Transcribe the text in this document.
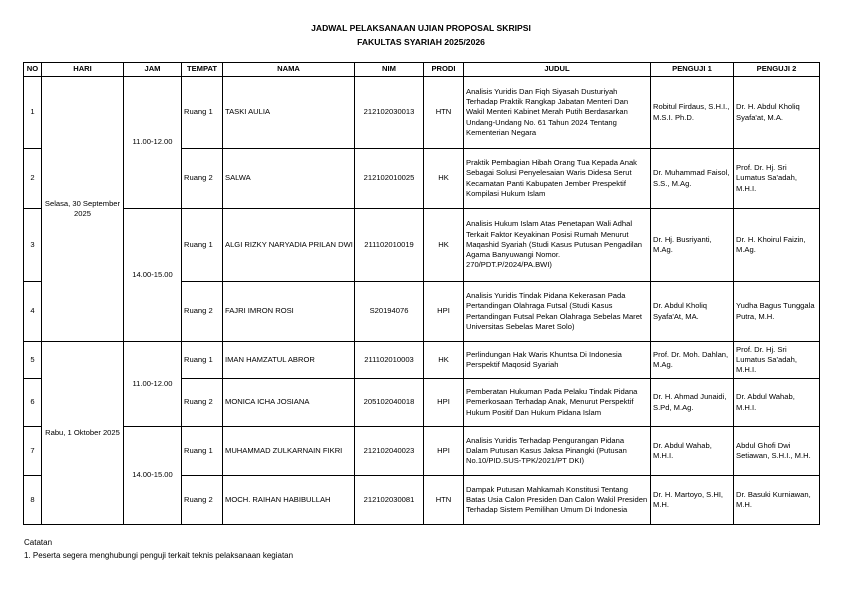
JADWAL PELAKSANAAN UJIAN PROPOSAL SKRIPSI
FAKULTAS SYARIAH 2025/2026
NO	HARI	JAM	TEMPAT	NAMA	NIM	PRODI	JUDUL	PENGUJI 1	PENGUJI 2
1	Selasa, 30 September 2025	11.00-12.00	Ruang 1	TASKI AULIA	212102030013	HTN	Analisis Yuridis Dan Fiqh Siyasah Dusturiyah Terhadap Praktik Rangkap Jabatan Menteri Dan Wakil Menteri Kabinet Merah Putih Berdasarkan Undang-Undang No. 61 Tahun 2024 Tentang Kementerian Negara	Robitul Firdaus, S.H.I., M.S.I. Ph.D.	Dr. H. Abdul Kholiq Syafa'at, M.A.
2			Ruang 2	SALWA	212102010025	HK	Praktik Pembagian Hibah Orang Tua Kepada Anak Sebagai Solusi Penyelesaian Waris Didesa Serut Kecamatan Panti Kabupaten Jember Prespektif Kompilasi Hukum Islam	Dr. Muhammad Faisol, S.S., M.Ag.	Prof. Dr. Hj. Sri Lumatus Sa'adah, M.H.I.
3		14.00-15.00	Ruang 1	ALGI RIZKY NARYADIA PRILAN DWI	211102010019	HK	Analisis Hukum Islam Atas Penetapan Wali Adhal Terkait Faktor Keyakinan Posisi Rumah Menurut Maqashid Syariah (Studi Kasus Putusan Pengadilan Agama Banyuwangi Nomor. 270/PDT.P/2024/PA.BWI)	Dr. Hj. Busriyanti, M.Ag.	Dr. H. Khoirul Faizin, M.Ag.
4			Ruang 2	FAJRI IMRON ROSI	S20194076	HPI	Analisis Yuridis Tindak Pidana Kekerasan Pada Pertandingan Olahraga Futsal (Studi Kasus Pertandingan Futsal Pekan Olahraga Sebelas Maret Universitas Sebelas Maret Solo)	Dr. Abdul Kholiq Syafa'At, MA.	Yudha Bagus Tunggala Putra, M.H.
5	Rabu, 1 Oktober 2025	11.00-12.00	Ruang 1	IMAN HAMZATUL ABROR	211102010003	HK	Perlindungan Hak Waris Khuntsa Di Indonesia Perspektif Maqosid Syariah	Prof. Dr. Moh. Dahlan, M.Ag.	Prof. Dr. Hj. Sri Lumatus Sa'adah, M.H.I.
6			Ruang 2	MONICA ICHA JOSIANA	205102040018	HPI	Pemberatan Hukuman Pada Pelaku Tindak Pidana Pemerkosaan Terhadap Anak, Menurut Perspektif Hukum Positif Dan Hukum Pidana Islam	Dr. H. Ahmad Junaidi, S.Pd, M.Ag.	Dr. Abdul Wahab, M.H.I.
7		14.00-15.00	Ruang 1	MUHAMMAD ZULKARNAIN FIKRI	212102040023	HPI	Analisis Yuridis Terhadap Pengurangan Pidana Dalam Putusan Kasus Jaksa Pinangki (Putusan No.10/PID.SUS-TPK/2021/PT DKI)	Dr. Abdul Wahab, M.H.I.	Abdul Ghofi Dwi Setiawan, S.H.I., M.H.
8			Ruang 2	MOCH. RAIHAN HABIBULLAH	212102030081	HTN	Dampak Putusan Mahkamah Konstitusi Tentang Batas Usia Calon Presiden Dan Calon Wakil Presiden Terhadap Sistem Pemilihan Umum Di Indonesia	Dr. H. Martoyo, S.HI, M.H.	Dr. Basuki Kurniawan, M.H.
Catatan
1. Peserta segera menghubungi penguji terkait teknis pelaksanaan kegiatan
